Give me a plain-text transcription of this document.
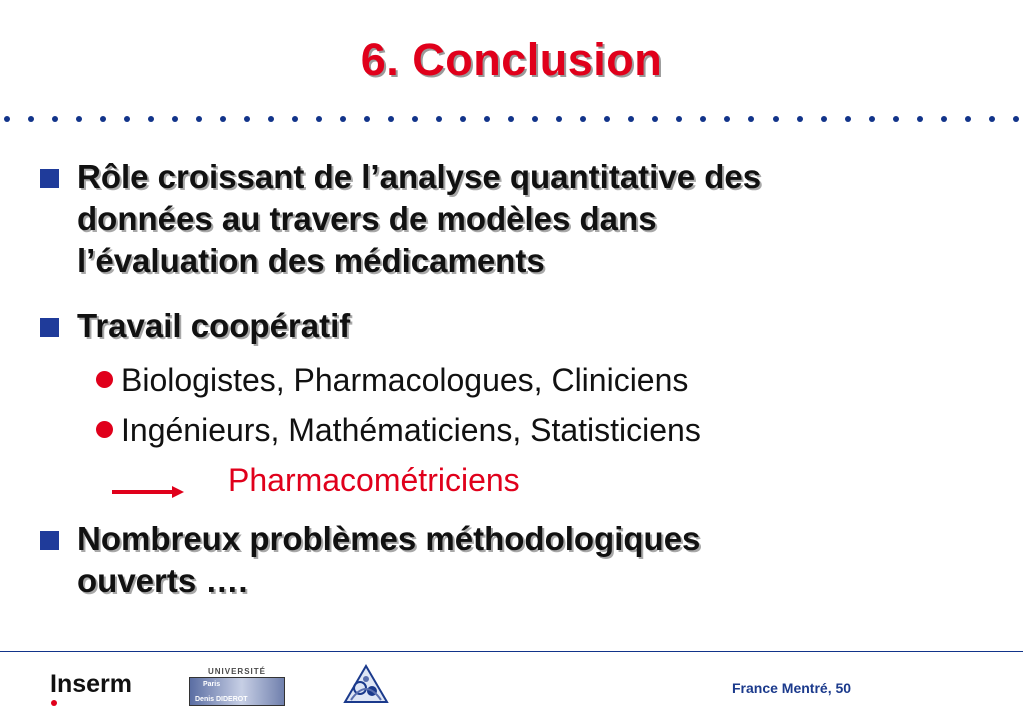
6. Conclusion
Rôle croissant de l’analyse quantitative des
données au travers de modèles dans
l’évaluation des médicaments
Travail coopératif
Biologistes, Pharmacologues, Cliniciens
Ingénieurs, Mathématiciens, Statisticiens
Pharmacométriciens
Nombreux problèmes méthodologiques
ouverts ….
Inserm	UNIVERSITÉ
Paris
Denis DIDEROT
France Mentré, 50
